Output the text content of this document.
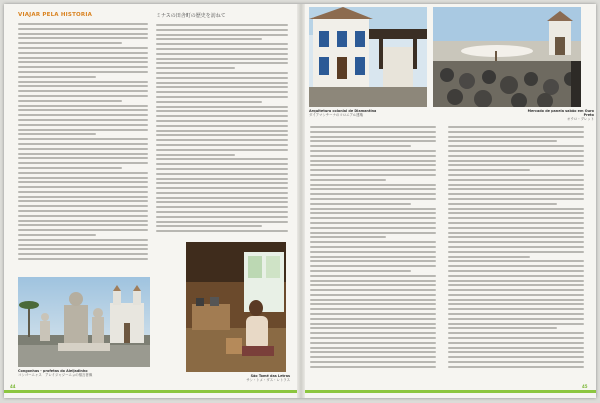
VIAJAR PELA HISTÓRIA	ミナスの田舎町の歴史を訪ねて
Congonhas - profetas do Aleijadinho
コンゴーニャス　アレイジャジーニョの預言者像	São Tomé das Letras
サン・トメ・ダス・レトラス
44
Arquitetura colonial de Diamantina
ダイアマンチーナのコロニアル建築
Mercado de panela sabão em Ouro Preto
オウロ・プレット
45
